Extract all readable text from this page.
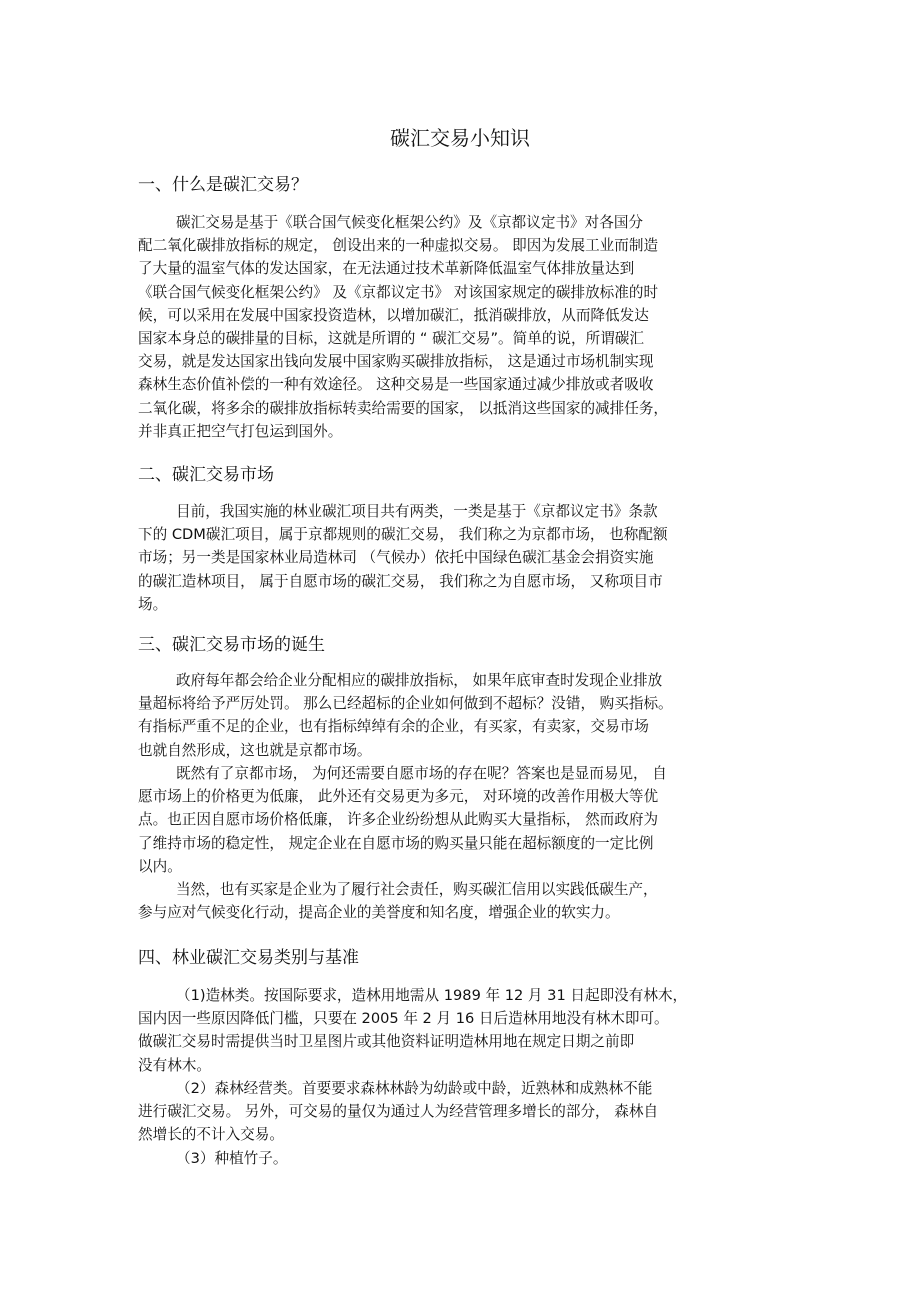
碳汇交易小知识
一、什么是碳汇交易？
碳汇交易是基于《联合国气候变化框架公约》及《京都议定书》对各国分
配二氧化碳排放指标的规定， 创设出来的一种虚拟交易。 即因为发展工业而制造
了大量的温室气体的发达国家，在无法通过技术革新降低温室气体排放量达到
《联合国气候变化框架公约》 及《京都议定书》 对该国家规定的碳排放标准的时
候，可以采用在发展中国家投资造林，以增加碳汇，抵消碳排放，从而降低发达
国家本身总的碳排量的目标，这就是所谓的 “ 碳汇交易”。简单的说，所谓碳汇
交易，就是发达国家出钱向发展中国家购买碳排放指标， 这是通过市场机制实现
森林生态价值补偿的一种有效途径。 这种交易是一些国家通过减少排放或者吸收
二氧化碳，将多余的碳排放指标转卖给需要的国家， 以抵消这些国家的减排任务，
并非真正把空气打包运到国外。
二、碳汇交易市场
目前，我国实施的林业碳汇项目共有两类，一类是基于《京都议定书》条款
下的 CDM碳汇项目，属于京都规则的碳汇交易， 我们称之为京都市场， 也称配额
市场；另一类是国家林业局造林司 （气候办）依托中国绿色碳汇基金会捐资实施
的碳汇造林项目， 属于自愿市场的碳汇交易， 我们称之为自愿市场， 又称项目市
场。
三、碳汇交易市场的诞生
政府每年都会给企业分配相应的碳排放指标， 如果年底审查时发现企业排放
量超标将给予严厉处罚。 那么已经超标的企业如何做到不超标？没错， 购买指标。
有指标严重不足的企业，也有指标绰绰有余的企业，有买家，有卖家，交易市场
也就自然形成，这也就是京都市场。
既然有了京都市场， 为何还需要自愿市场的存在呢？答案也是显而易见， 自
愿市场上的价格更为低廉， 此外还有交易更为多元， 对环境的改善作用极大等优
点。也正因自愿市场价格低廉， 许多企业纷纷想从此购买大量指标， 然而政府为
了维持市场的稳定性， 规定企业在自愿市场的购买量只能在超标额度的一定比例
以内。
当然，也有买家是企业为了履行社会责任，购买碳汇信用以实践低碳生产，
参与应对气候变化行动，提高企业的美誉度和知名度，增强企业的软实力。
四、林业碳汇交易类别与基准
（1)造林类。按国际要求，造林用地需从 1989 年 12 月 31 日起即没有林木，
国内因一些原因降低门槛，只要在 2005 年 2 月 16 日后造林用地没有林木即可。
做碳汇交易时需提供当时卫星图片或其他资料证明造林用地在规定日期之前即
没有林木。
（2）森林经营类。首要要求森林林龄为幼龄或中龄，近熟林和成熟林不能
进行碳汇交易。 另外，可交易的量仅为通过人为经营管理多增长的部分， 森林自
然增长的不计入交易。
（3）种植竹子。
